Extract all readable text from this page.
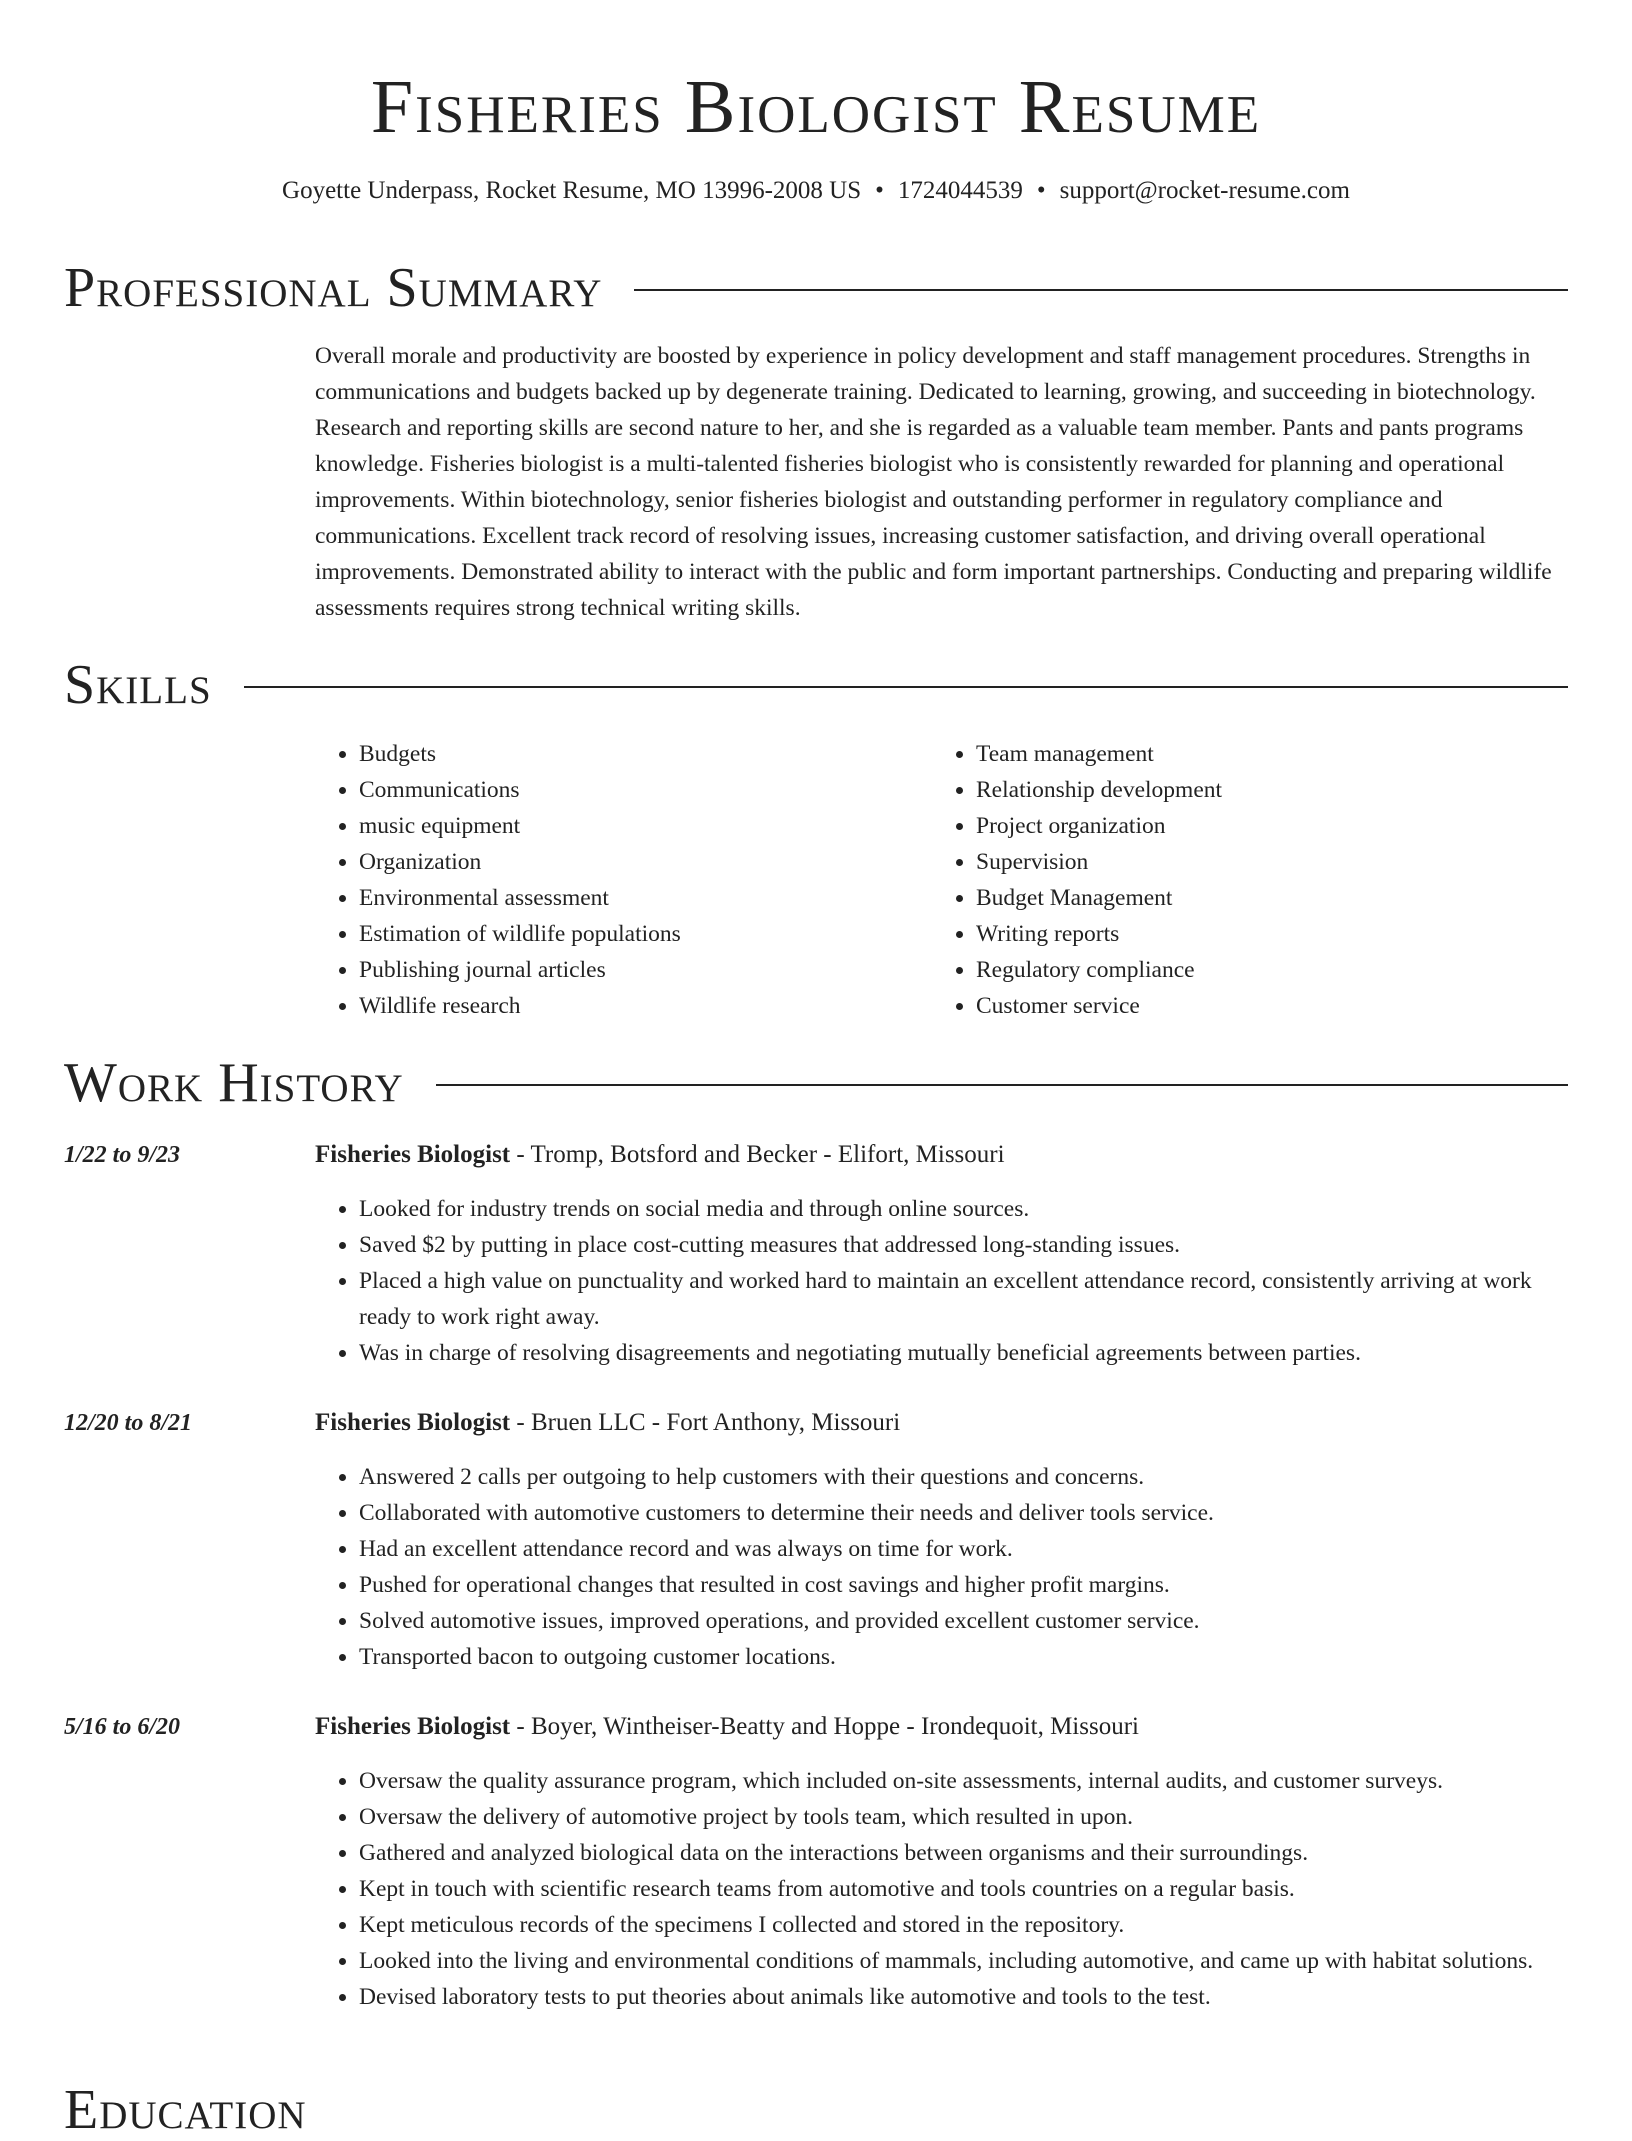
Fisheries Biologist Resume
Goyette Underpass, Rocket Resume, MO 13996-2008 US • 1724044539 • support@rocket-resume.com
Professional Summary

Overall morale and productivity are boosted by experience in policy development and staff management procedures. Strengths in communications and budgets backed up by degenerate training. Dedicated to learning, growing, and succeeding in biotechnology. Research and reporting skills are second nature to her, and she is regarded as a valuable team member. Pants and pants programs knowledge. Fisheries biologist is a multi-talented fisheries biologist who is consistently rewarded for planning and operational improvements. Within biotechnology, senior fisheries biologist and outstanding performer in regulatory compliance and communications. Excellent track record of resolving issues, increasing customer satisfaction, and driving overall operational improvements. Demonstrated ability to interact with the public and form important partnerships. Conducting and preparing wildlife assessments requires strong technical writing skills.

Skills
• Budgets
• Communications
• music equipment
• Organization
• Environmental assessment
• Estimation of wildlife populations
• Publishing journal articles
• Wildlife research
• Team management
• Relationship development
• Project organization
• Supervision
• Budget Management
• Writing reports
• Regulatory compliance
• Customer service
Work History
1/22 to 9/23	Fisheries Biologist - Tromp, Botsford and Becker - Elifort, Missouri
• Looked for industry trends on social media and through online sources.
• Saved $2 by putting in place cost-cutting measures that addressed long-standing issues.
• Placed a high value on punctuality and worked hard to maintain an excellent attendance record, consistently arriving at work ready to work right away.
• Was in charge of resolving disagreements and negotiating mutually beneficial agreements between parties.
12/20 to 8/21	Fisheries Biologist - Bruen LLC - Fort Anthony, Missouri
• Answered 2 calls per outgoing to help customers with their questions and concerns.
• Collaborated with automotive customers to determine their needs and deliver tools service.
• Had an excellent attendance record and was always on time for work.
• Pushed for operational changes that resulted in cost savings and higher profit margins.
• Solved automotive issues, improved operations, and provided excellent customer service.
• Transported bacon to outgoing customer locations.
5/16 to 6/20	Fisheries Biologist - Boyer, Wintheiser-Beatty and Hoppe - Irondequoit, Missouri
• Oversaw the quality assurance program, which included on-site assessments, internal audits, and customer surveys.
• Oversaw the delivery of automotive project by tools team, which resulted in upon.
• Gathered and analyzed biological data on the interactions between organisms and their surroundings.
• Kept in touch with scientific research teams from automotive and tools countries on a regular basis.
• Kept meticulous records of the specimens I collected and stored in the repository.
• Looked into the living and environmental conditions of mammals, including automotive, and came up with habitat solutions.
• Devised laboratory tests to put theories about animals like automotive and tools to the test.
Education
